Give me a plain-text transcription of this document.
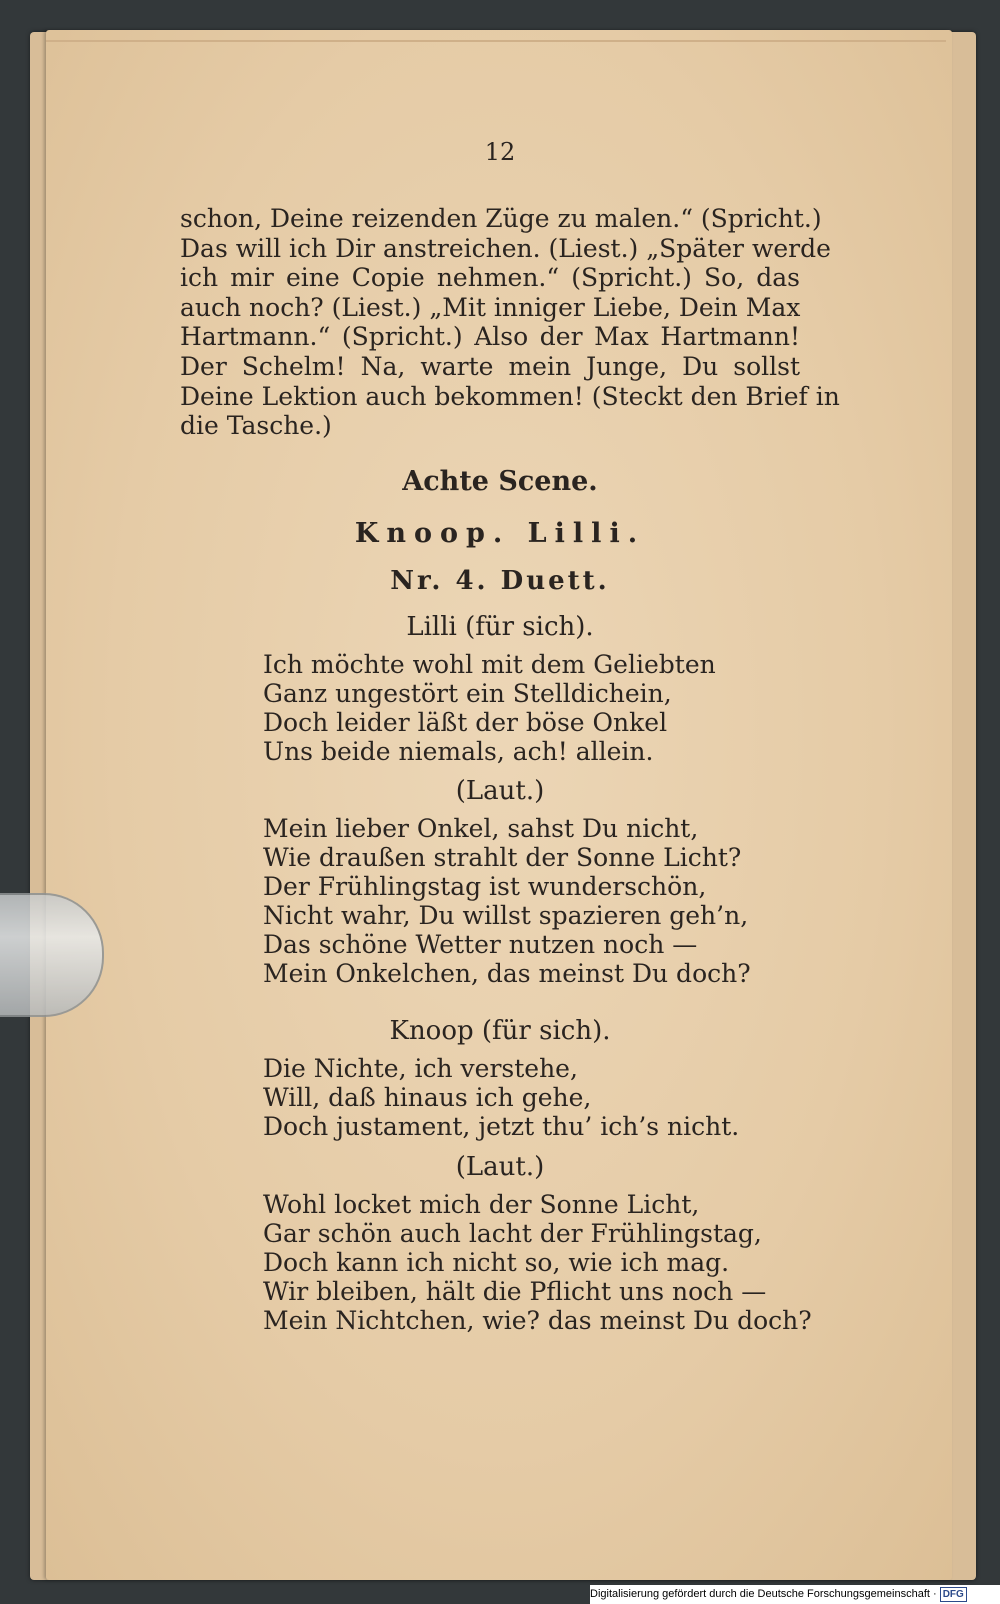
12
schon, Deine reizenden Züge zu malen.“ (Spricht.)
Das will ich Dir anstreichen. (Liest.) „Später werde
ich mir eine Copie nehmen.“ (Spricht.) So, das
auch noch? (Liest.) „Mit inniger Liebe, Dein Max
Hartmann.“ (Spricht.) Also der Max Hartmann!
Der Schelm! Na, warte mein Junge, Du sollst
Deine Lektion auch bekommen! (Steckt den Brief in
die Tasche.)
Achte Scene.
Knoop. Lilli.
Nr. 4. Duett.
Lilli (für sich).
Ich möchte wohl mit dem Geliebten
Ganz ungestört ein Stelldichein,
Doch leider läßt der böse Onkel
Uns beide niemals, ach! allein.
(Laut.)
Mein lieber Onkel, sahst Du nicht,
Wie draußen strahlt der Sonne Licht?
Der Frühlingstag ist wunderschön,
Nicht wahr, Du willst spazieren geh’n,
Das schöne Wetter nutzen noch —
Mein Onkelchen, das meinst Du doch?
Knoop (für sich).
Die Nichte, ich verstehe,
Will, daß hinaus ich gehe,
Doch justament, jetzt thu’ ich’s nicht.
(Laut.)
Wohl locket mich der Sonne Licht,
Gar schön auch lacht der Frühlingstag,
Doch kann ich nicht so, wie ich mag.
Wir bleiben, hält die Pflicht uns noch —
Mein Nichtchen, wie? das meinst Du doch?
Digitalisierung gefördert durch die Deutsche Forschungsgemeinschaft · DFG
